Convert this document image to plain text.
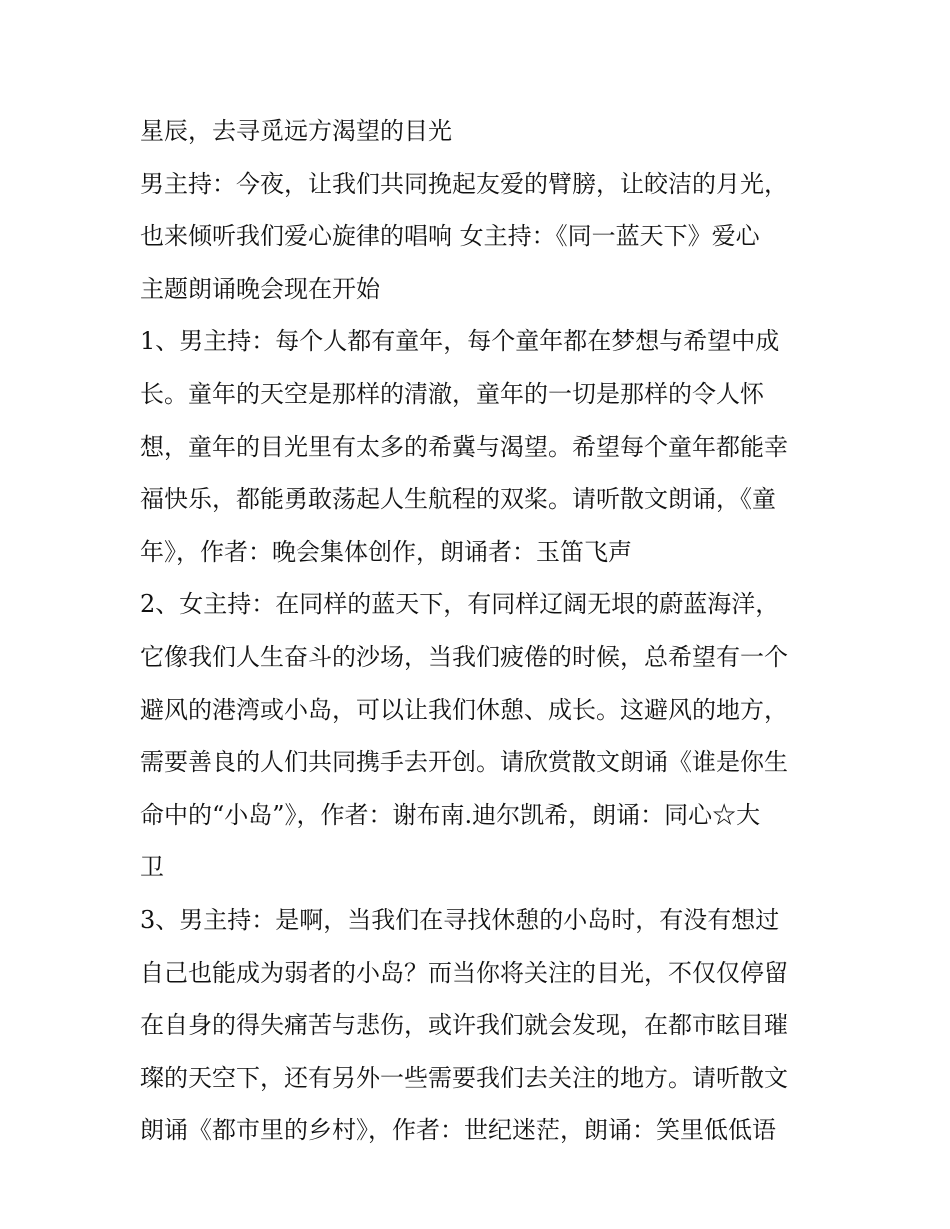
星辰，去寻觅远方渴望的目光
男主持：今夜，让我们共同挽起友爱的臂膀，让皎洁的月光，
也来倾听我们爱心旋律的唱响 女主持：《同一蓝天下》爱心
主题朗诵晚会现在开始
1、男主持：每个人都有童年，每个童年都在梦想与希望中成
长。童年的天空是那样的清澈，童年的一切是那样的令人怀
想，童年的目光里有太多的希冀与渴望。希望每个童年都能幸
福快乐，都能勇敢荡起人生航程的双桨。请听散文朗诵，《童
年》，作者：晚会集体创作，朗诵者：玉笛飞声
2、女主持：在同样的蓝天下，有同样辽阔无垠的蔚蓝海洋，
它像我们人生奋斗的沙场，当我们疲倦的时候，总希望有一个
避风的港湾或小岛，可以让我们休憩、成长。这避风的地方，
需要善良的人们共同携手去开创。请欣赏散文朗诵《谁是你生
命中的“小岛”》，作者：谢布南.迪尔凯希，朗诵：同心☆大
卫
3、男主持：是啊，当我们在寻找休憩的小岛时，有没有想过
自己也能成为弱者的小岛？而当你将关注的目光，不仅仅停留
在自身的得失痛苦与悲伤，或许我们就会发现，在都市眩目璀
璨的天空下，还有另外一些需要我们去关注的地方。请听散文
朗诵《都市里的乡村》，作者：世纪迷茫，朗诵：笑里低低语
